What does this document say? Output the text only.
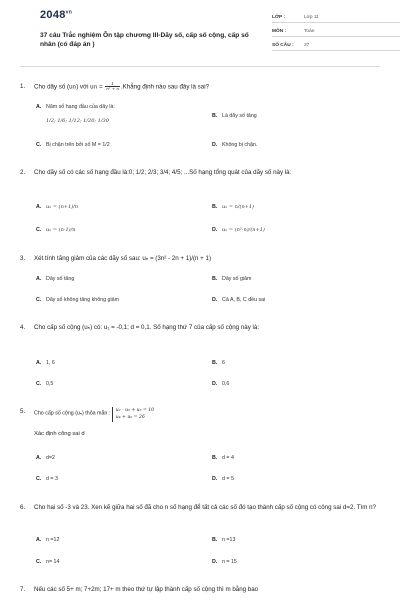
$2048^{vn}$
37 câu Trắc nghiệm Ôn tập chương III-Dãy số, cấp số cộng, cấp số nhân (có đáp án )
LỚP :	Lớp 11
MÔN :	Toán
SỐ CÂU :	37
1.	Cho dãy số (un) với un = $\frac{1}{\text{n² + n}}$ .Khẳng định nào sau đây là sai?
A. Năm số hạng đầu của dãy là:
1/2; 1/6; 1/12; 1/20; 1/30
B. Là dãy số tăng
C. Bị chặn trên bởi số M = 1/2	D. Không bị chặn.
2.	Cho dãy số có các số hạng đầu là:0; 1/2; 2/3; 3/4; 4/5; ...Số hạng tổng quát của dãy số này là:
A. uₙ = (n+1)/n	B. uₙ = n/(n+1)
C. uₙ = (n-1)/n	D. uₙ = (n²-n)/(n+1)
3.	Xét tính tăng giảm của các dãy số sau: uₙ = (3n² - 2n + 1)/(n + 1)
A. Dãy số tăng	B. Dãy số giảm
C. Dãy số không tăng không giảm	D. Cả A, B, C đều sai
4.	Cho cấp số cộng (uₙ) có: u₁ = -0,1; d = 0,1. Số hạng thứ 7 của cấp số cộng này là:
A. 1, 6	B. 6
C. 0,5	D. 0,6
5.	Cho cấp số cộng (uₙ) thỏa mãn : u₂ - u₃ + u₅ = 10
u₄ + u₆ = 26
Xác định công sai d
A. d=2	B. d = 4
C. d = 3	D. d = 5
6.	Cho hai số -3 và 23. Xen kẽ giữa hai số đã cho n số hạng để tất cả các số đó tạo thành cấp số cộng có công sai d=2. Tìm n?
A. n =12	B. n =13
C. n= 14	D. n = 15
7.	Nếu các số 5+ m; 7+2m; 17+ m theo thứ tự lập thành cấp số cộng thì m bằng bao
